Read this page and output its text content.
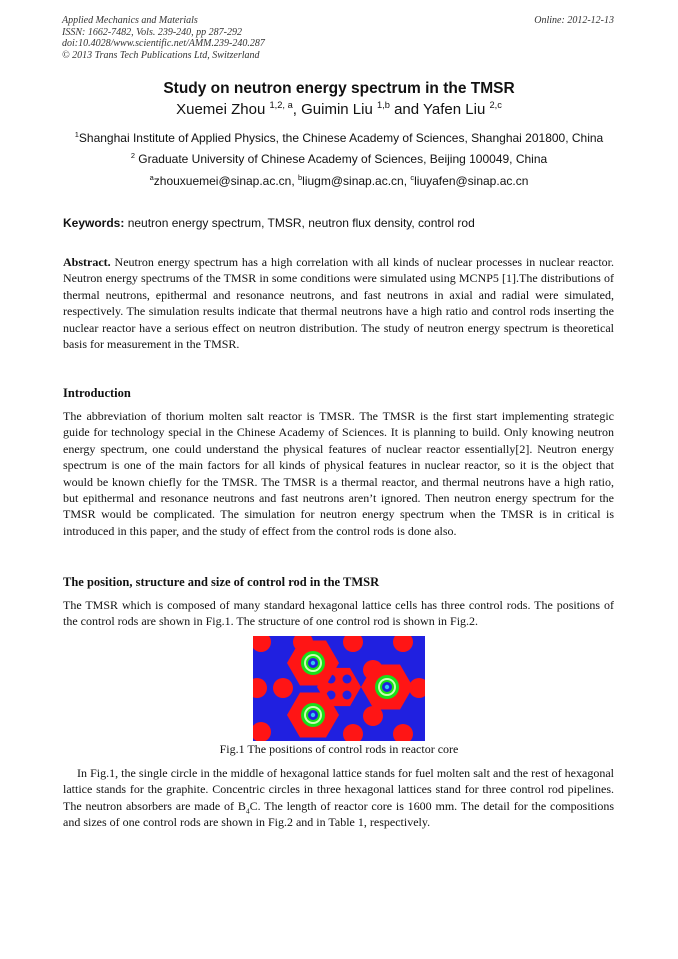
Applied Mechanics and Materials
ISSN: 1662-7482, Vols. 239-240, pp 287-292
doi:10.4028/www.scientific.net/AMM.239-240.287
© 2013 Trans Tech Publications Ltd, Switzerland
Online: 2012-12-13
Study on neutron energy spectrum in the TMSR
Xuemei Zhou $^{1,2, a}$, Guimin Liu $^{1,b}$ and Yafen Liu $^{2,c}$
$^1$Shanghai Institute of Applied Physics, the Chinese Academy of Sciences, Shanghai 201800, China
$^2$ Graduate University of Chinese Academy of Sciences, Beijing 100049, China
$^a$zhouxuemei@sinap.ac.cn, $^b$liugm@sinap.ac.cn, $^c$liuyafen@sinap.ac.cn
Keywords: neutron energy spectrum, TMSR, neutron flux density, control rod
Abstract. Neutron energy spectrum has a high correlation with all kinds of nuclear processes in nuclear reactor. Neutron energy spectrums of the TMSR in some conditions were simulated using MCNP5 [1].The distributions of thermal neutrons, epithermal and resonance neutrons, and fast neutrons in axial and radial were simulated, respectively. The simulation results indicate that thermal neutrons have a high ratio and control rods inserting the nuclear reactor have a serious effect on neutron distribution. The study of neutron energy spectrum is theoretical basis for measurement in the TMSR.
Introduction
The abbreviation of thorium molten salt reactor is TMSR. The TMSR is the first start implementing strategic guide for technology special in the Chinese Academy of Sciences. It is planning to build. Only knowing neutron energy spectrum, one could understand the physical features of nuclear reactor essentially[2]. Neutron energy spectrum is one of the main factors for all kinds of physical features in nuclear reactor, so it is the object that would be known chiefly for the TMSR. The TMSR is a thermal reactor, and thermal neutrons have a high ratio, but epithermal and resonance neutrons and fast neutrons aren’t ignored. Then neutron energy spectrum for the TMSR would be complicated. The simulation for neutron energy spectrum when the TMSR is in critical is introduced in this paper, and the study of effect from the control rods is done also.
The position, structure and size of control rod in the TMSR
The TMSR which is composed of many standard hexagonal lattice cells has three control rods. The positions of the control rods are shown in Fig.1. The structure of one control rod is shown in Fig.2.
Fig.1 The positions of control rods in reactor core
In Fig.1, the single circle in the middle of hexagonal lattice stands for fuel molten salt and the rest of hexagonal lattice stands for the graphite. Concentric circles in three hexagonal lattices stand for three control rod pipelines. The neutron absorbers are made of $B_4C$. The length of reactor core is 1600 mm. The detail for the compositions and sizes of one control rods are shown in Fig.2 and in Table 1, respectively.
